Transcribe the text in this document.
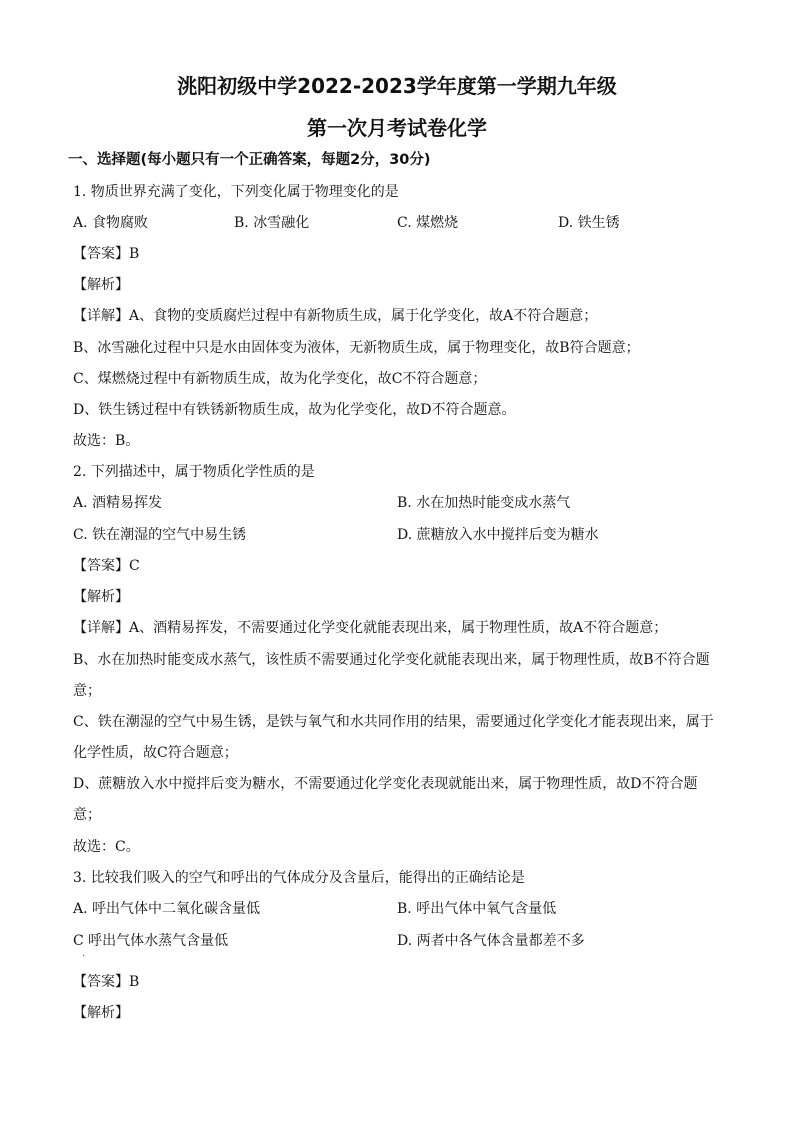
洮阳初级中学2022-2023学年度第一学期九年级
第一次月考试卷化学
一、选择题(每小题只有一个正确答案，每题2分，30分)
1. 物质世界充满了变化，下列变化属于物理变化的是
A. 食物腐败	B. 冰雪融化	C. 煤燃烧	D. 铁生锈
【答案】B
【解析】
【详解】A、食物的变质腐烂过程中有新物质生成，属于化学变化，故A不符合题意；
B、冰雪融化过程中只是水由固体变为液体，无新物质生成，属于物理变化，故B符合题意；
C、煤燃烧过程中有新物质生成，故为化学变化，故C不符合题意；
D、铁生锈过程中有铁锈新物质生成，故为化学变化，故D不符合题意。
故选：B。
2. 下列描述中，属于物质化学性质的是
A. 酒精易挥发	B. 水在加热时能变成水蒸气
C. 铁在潮湿的空气中易生锈	D. 蔗糖放入水中搅拌后变为糖水
【答案】C
【解析】
【详解】A、酒精易挥发，不需要通过化学变化就能表现出来，属于物理性质，故A不符合题意；
B、水在加热时能变成水蒸气，该性质不需要通过化学变化就能表现出来，属于物理性质，故B不符合题
意；
C、铁在潮湿的空气中易生锈，是铁与氧气和水共同作用的结果，需要通过化学变化才能表现出来，属于
化学性质，故C符合题意；
D、蔗糖放入水中搅拌后变为糖水，不需要通过化学变化表现就能出来，属于物理性质，故D不符合题
意；
故选：C。
3. 比较我们吸入的空气和呼出的气体成分及含量后，能得出的正确结论是
A. 呼出气体中二氧化碳含量低	B. 呼出气体中氧气含量低
C 呼出气体水蒸气含量低	D. 两者中各气体含量都差不多
·
【答案】B
【解析】
